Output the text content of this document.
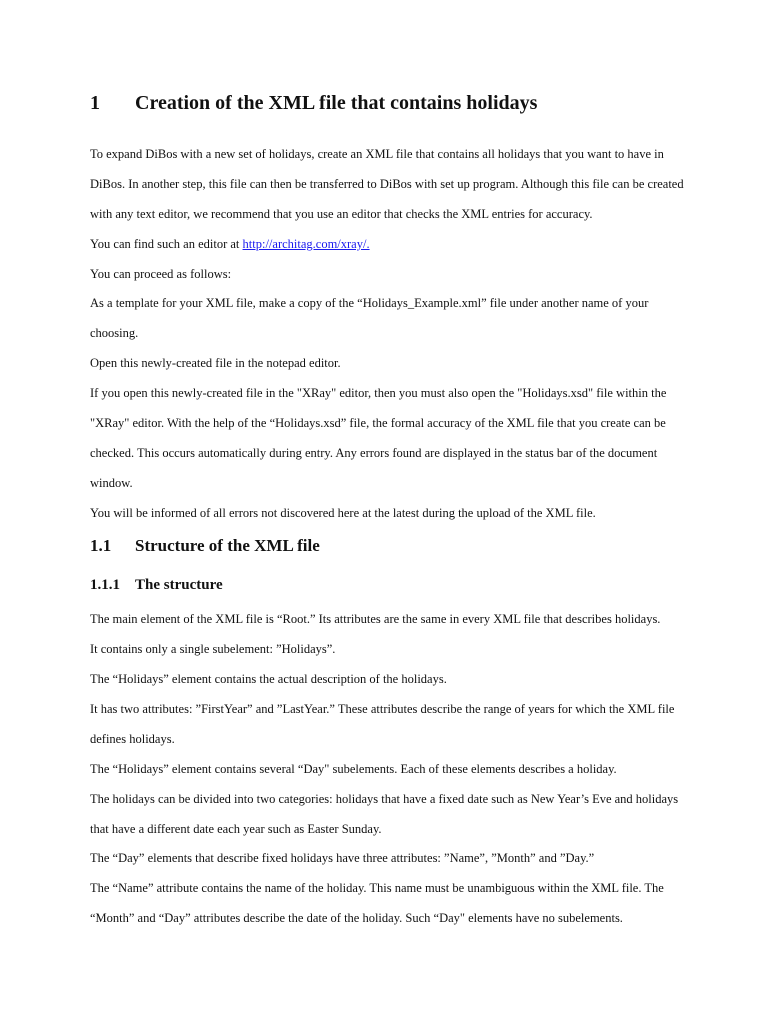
1 Creation of the XML file that contains holidays

To expand DiBos with a new set of holidays, create an XML file that contains all holidays that you want to have in DiBos. In another step, this file can then be transferred to DiBos with set up program. Although this file can be created with any text editor, we recommend that you use an editor that checks the XML entries for accuracy.

You can find such an editor at http://architag.com/xray/.

You can proceed as follows:

As a template for your XML file, make a copy of the “Holidays_Example.xml” file under another name of your choosing.

Open this newly-created file in the notepad editor.

If you open this newly-created file in the "XRay" editor, then you must also open the "Holidays.xsd" file within the "XRay" editor. With the help of the “Holidays.xsd” file, the formal accuracy of the XML file that you create can be checked. This occurs automatically during entry. Any errors found are displayed in the status bar of the document window.

You will be informed of all errors not discovered here at the latest during the upload of the XML file.

1.1 Structure of the XML file
1.1.1 The structure

The main element of the XML file is “Root.” Its attributes are the same in every XML file that describes holidays.

It contains only a single subelement: ”Holidays”.

The “Holidays” element contains the actual description of the holidays.

It has two attributes: ”FirstYear” and ”LastYear.” These attributes describe the range of years for which the XML file defines holidays.

The “Holidays” element contains several “Day" subelements. Each of these elements describes a holiday.

The holidays can be divided into two categories: holidays that have a fixed date such as New Year’s Eve and holidays that have a different date each year such as Easter Sunday.

The “Day” elements that describe fixed holidays have three attributes: ”Name”, ”Month” and ”Day.”

The “Name” attribute contains the name of the holiday. This name must be unambiguous within the XML file. The “Month” and “Day” attributes describe the date of the holiday. Such “Day" elements have no subelements.
